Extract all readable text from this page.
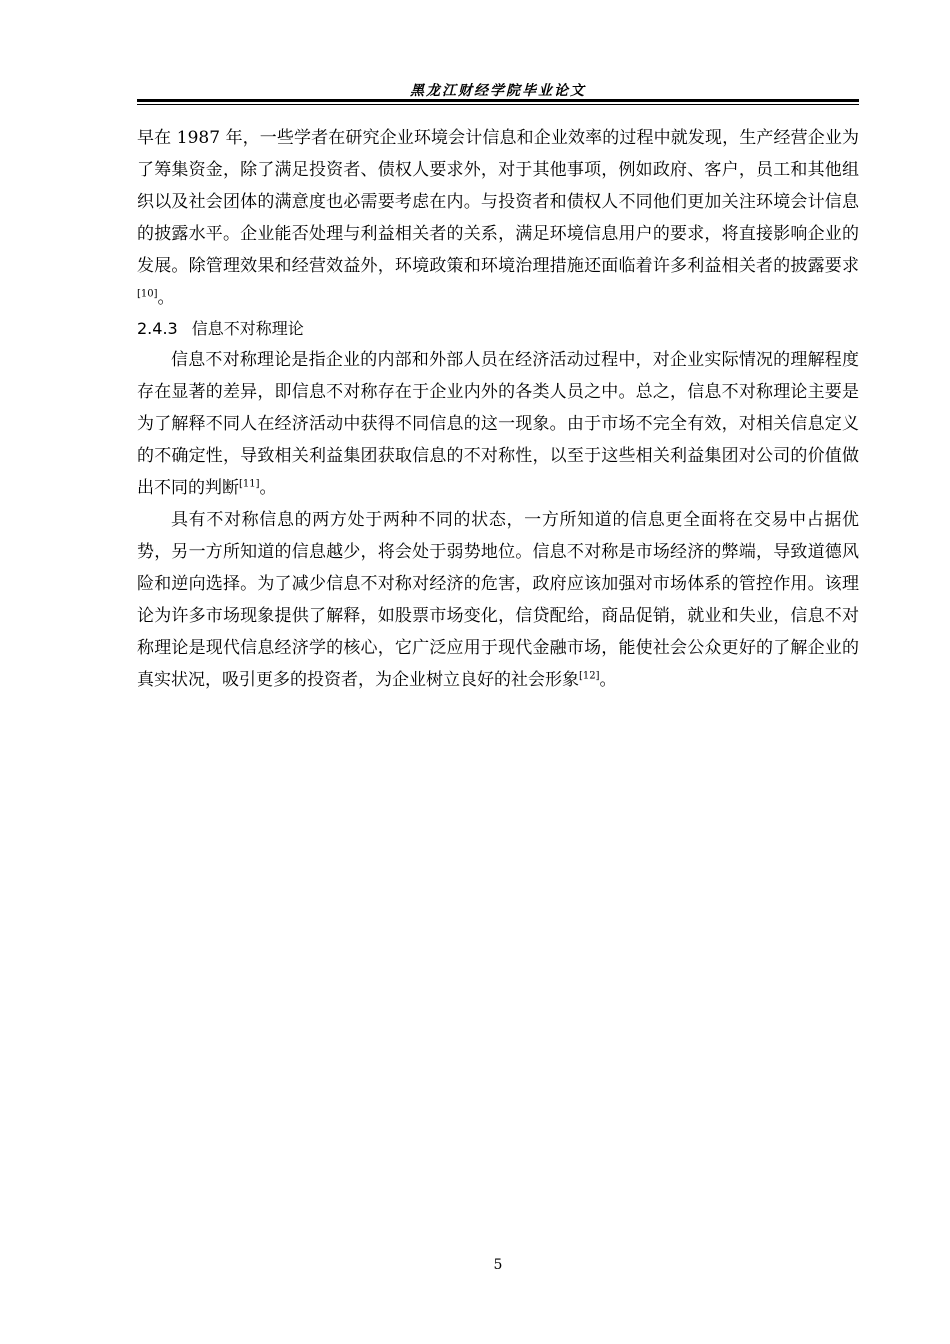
黑龙江财经学院毕业论文

早在 1987 年，一些学者在研究企业环境会计信息和企业效率的过程中就发现，生产经营企业为了筹集资金，除了满足投资者、债权人要求外，对于其他事项，例如政府、客户，员工和其他组织以及社会团体的满意度也必需要考虑在内。与投资者和债权人不同他们更加关注环境会计信息的披露水平。企业能否处理与利益相关者的关系，满足环境信息用户的要求，将直接影响企业的发展。除管理效果和经营效益外，环境政策和环境治理措施还面临着许多利益相关者的披露要求[10]。

2.4.3 信息不对称理论

信息不对称理论是指企业的内部和外部人员在经济活动过程中，对企业实际情况的理解程度存在显著的差异，即信息不对称存在于企业内外的各类人员之中。总之，信息不对称理论主要是为了解释不同人在经济活动中获得不同信息的这一现象。由于市场不完全有效，对相关信息定义的不确定性，导致相关利益集团获取信息的不对称性，以至于这些相关利益集团对公司的价值做出不同的判断[11]。

具有不对称信息的两方处于两种不同的状态，一方所知道的信息更全面将在交易中占据优势，另一方所知道的信息越少，将会处于弱势地位。信息不对称是市场经济的弊端，导致道德风险和逆向选择。为了减少信息不对称对经济的危害，政府应该加强对市场体系的管控作用。该理论为许多市场现象提供了解释，如股票市场变化，信贷配给，商品促销，就业和失业，信息不对称理论是现代信息经济学的核心，它广泛应用于现代金融市场，能使社会公众更好的了解企业的真实状况，吸引更多的投资者，为企业树立良好的社会形象[12]。

5
